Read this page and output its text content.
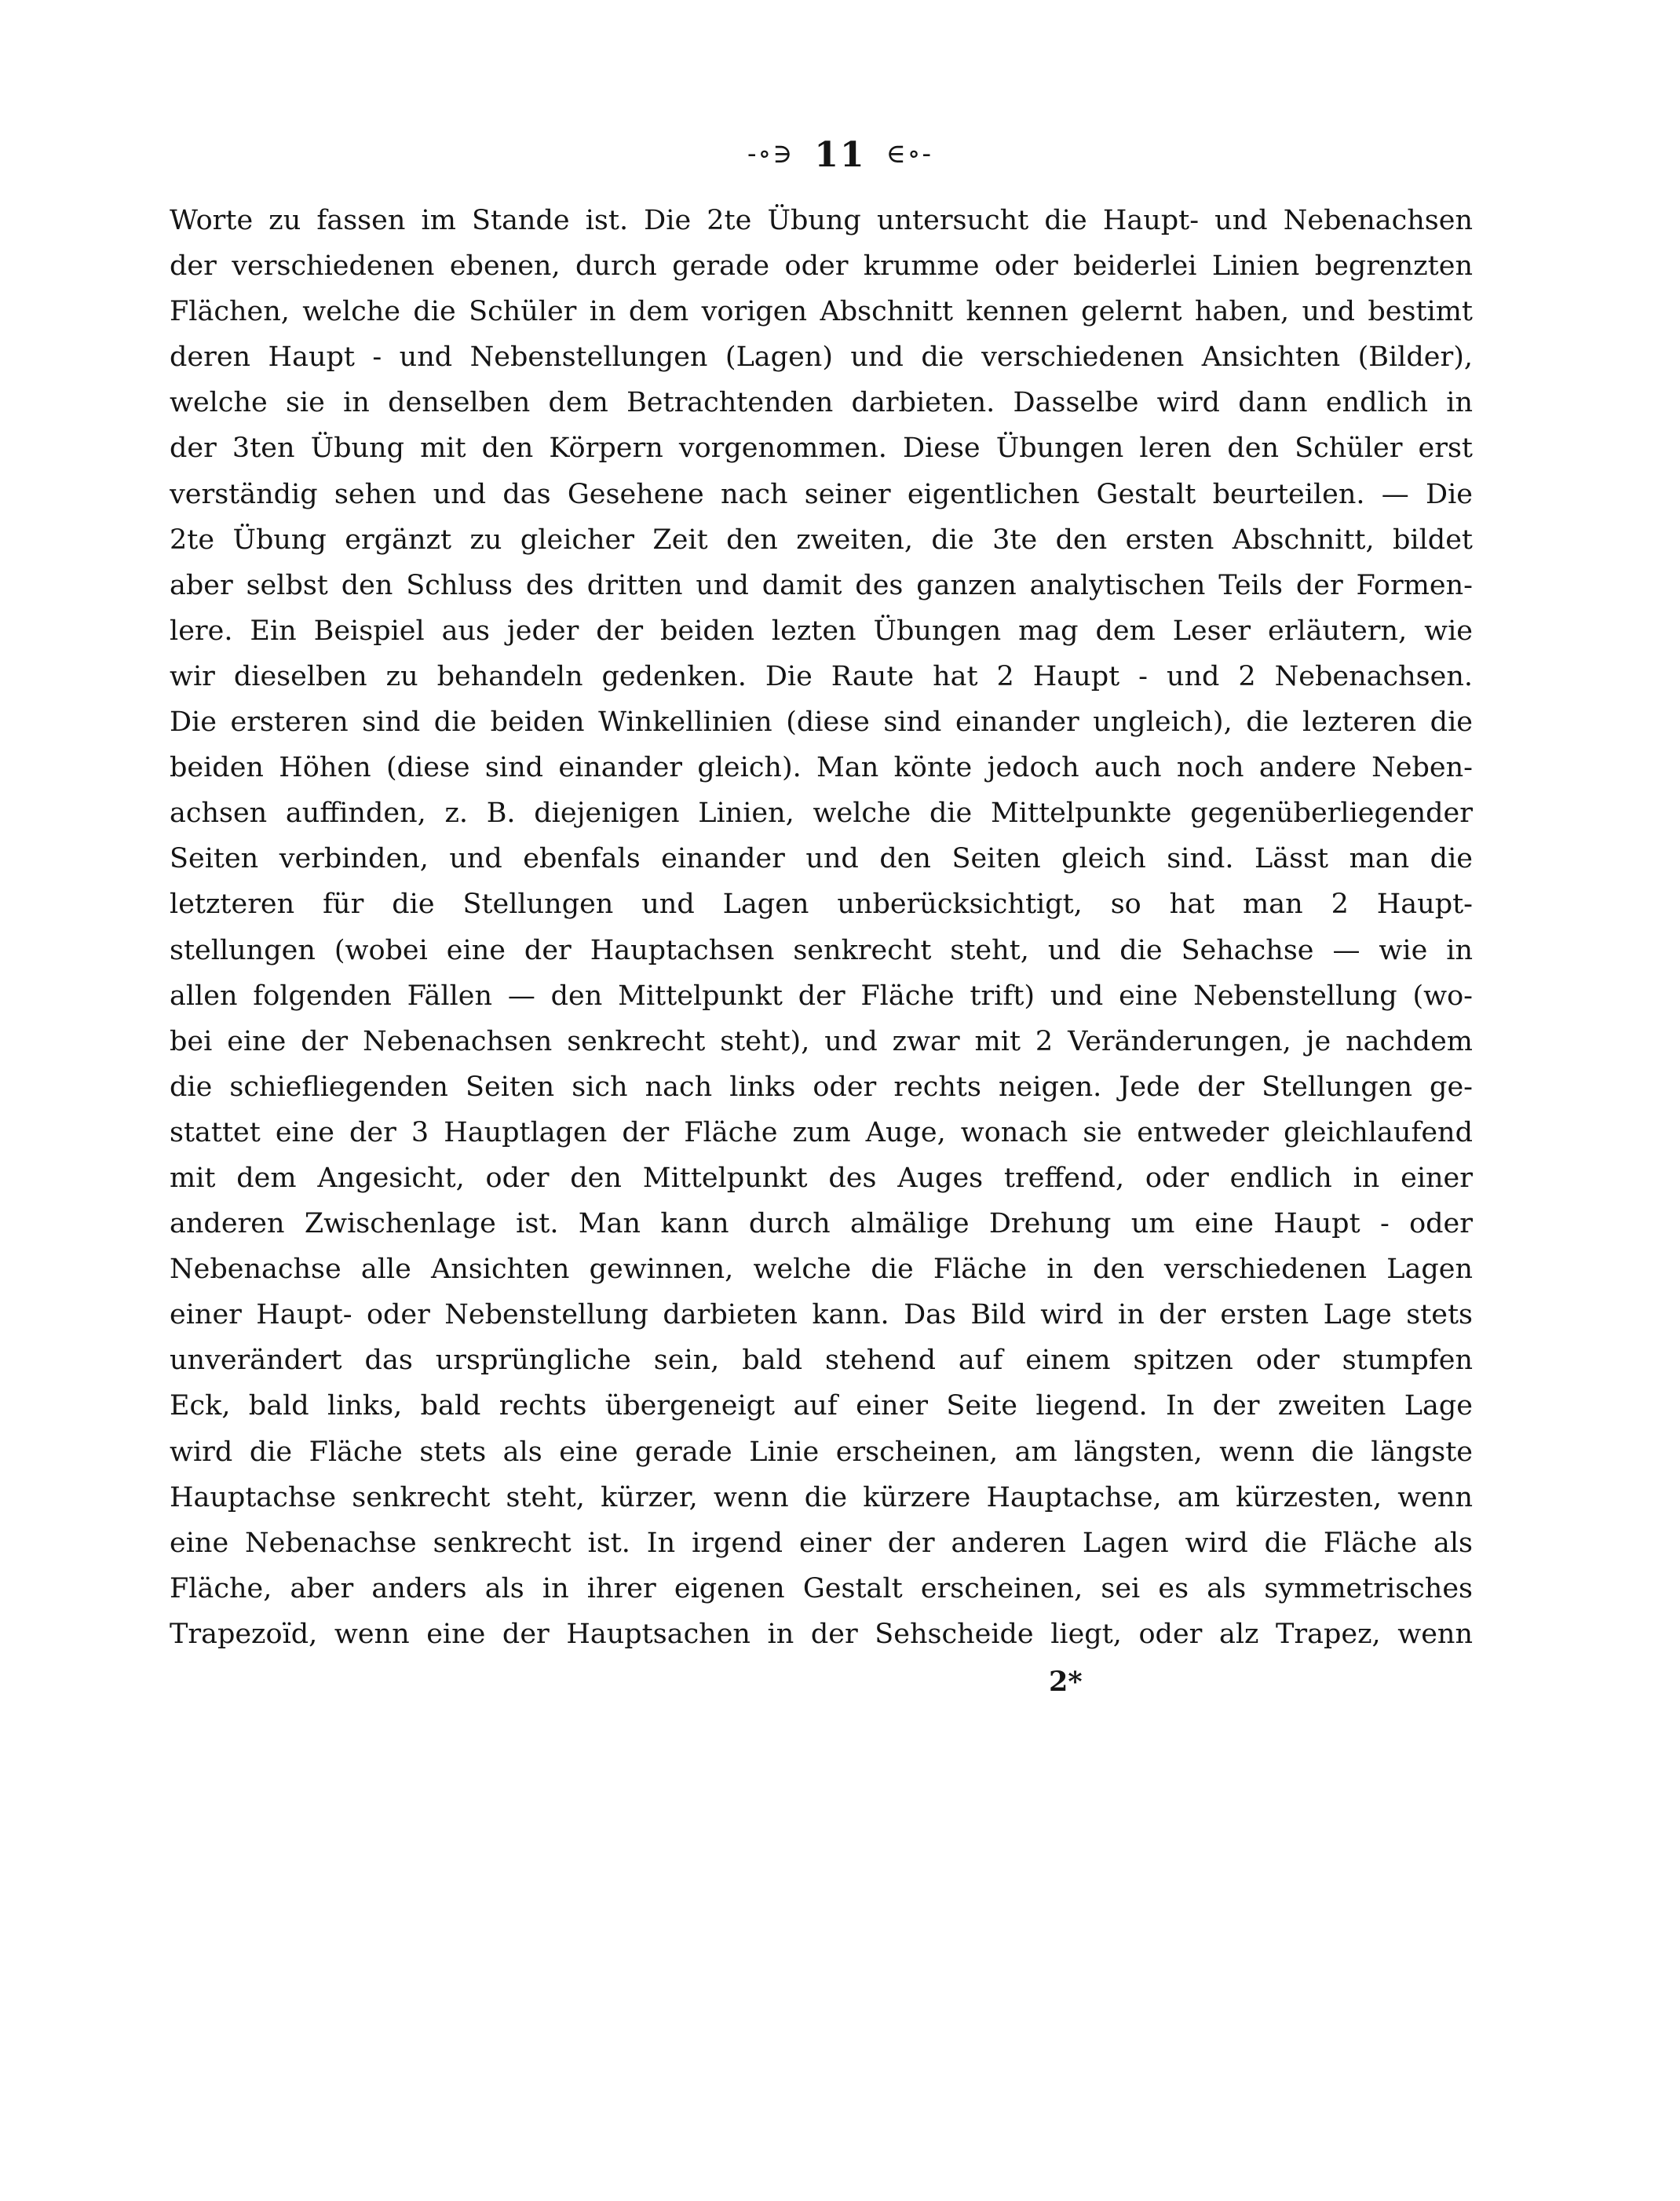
-∘∋ 11 ∈∘-
Worte zu fassen im Stande ist. Die 2te Übung untersucht die Haupt- und Nebenachsen
der verschiedenen ebenen, durch gerade oder krumme oder beiderlei Linien begrenzten
Flächen, welche die Schüler in dem vorigen Abschnitt kennen gelernt haben, und bestimt
deren Haupt - und Nebenstellungen (Lagen) und die verschiedenen Ansichten (Bilder),
welche sie in denselben dem Betrachtenden darbieten. Dasselbe wird dann endlich in
der 3ten Übung mit den Körpern vorgenommen. Diese Übungen leren den Schüler erst
verständig sehen und das Gesehene nach seiner eigentlichen Gestalt beurteilen. — Die
2te Übung ergänzt zu gleicher Zeit den zweiten, die 3te den ersten Abschnitt, bildet
aber selbst den Schluss des dritten und damit des ganzen analytischen Teils der Formen-
lere. Ein Beispiel aus jeder der beiden lezten Übungen mag dem Leser erläutern, wie
wir dieselben zu behandeln gedenken. Die Raute hat 2 Haupt - und 2 Nebenachsen.
Die ersteren sind die beiden Winkellinien (diese sind einander ungleich), die lezteren die
beiden Höhen (diese sind einander gleich). Man könte jedoch auch noch andere Neben-
achsen auffinden, z. B. diejenigen Linien, welche die Mittelpunkte gegenüberliegender
Seiten verbinden, und ebenfals einander und den Seiten gleich sind. Lässt man die
letzteren für die Stellungen und Lagen unberücksichtigt, so hat man 2 Haupt-
stellungen (wobei eine der Hauptachsen senkrecht steht, und die Sehachse — wie in
allen folgenden Fällen — den Mittelpunkt der Fläche trift) und eine Nebenstellung (wo-
bei eine der Nebenachsen senkrecht steht), und zwar mit 2 Veränderungen, je nachdem
die schiefliegenden Seiten sich nach links oder rechts neigen. Jede der Stellungen ge-
stattet eine der 3 Hauptlagen der Fläche zum Auge, wonach sie entweder gleichlaufend
mit dem Angesicht, oder den Mittelpunkt des Auges treffend, oder endlich in einer
anderen Zwischenlage ist. Man kann durch almälige Drehung um eine Haupt - oder
Nebenachse alle Ansichten gewinnen, welche die Fläche in den verschiedenen Lagen
einer Haupt- oder Nebenstellung darbieten kann. Das Bild wird in der ersten Lage stets
unverändert das ursprüngliche sein, bald stehend auf einem spitzen oder stumpfen
Eck, bald links, bald rechts übergeneigt auf einer Seite liegend. In der zweiten Lage
wird die Fläche stets als eine gerade Linie erscheinen, am längsten, wenn die längste
Hauptachse senkrecht steht, kürzer, wenn die kürzere Hauptachse, am kürzesten, wenn
eine Nebenachse senkrecht ist. In irgend einer der anderen Lagen wird die Fläche als
Fläche, aber anders als in ihrer eigenen Gestalt erscheinen, sei es als symmetrisches
Trapezoïd, wenn eine der Hauptsachen in der Sehscheide liegt, oder alz Trapez, wenn
2*
